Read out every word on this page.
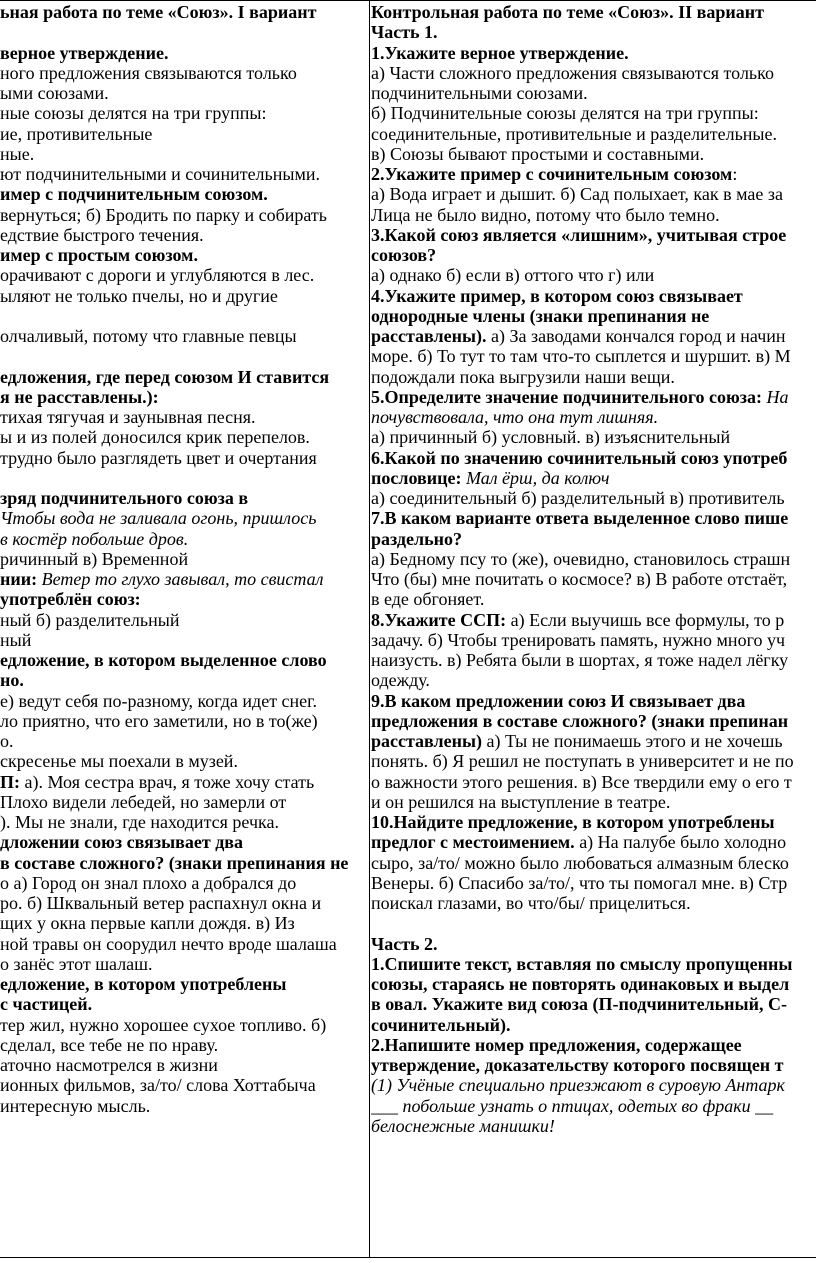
ьная работа по теме «Союз». I вариант
верное утверждение.
ного предложения связываются только
ыми союзами.
ные союзы делятся на три группы:
ие, противительные
ные.
ют подчинительными и сочинительными.
имер с подчинительным союзом.
вернуться; б) Бродить по парку и собирать
едствие быстрого течения.
имер с простым союзом.
орачивают с дороги и углубляются в лес.
ыляют не только пчелы, но и другие
олчаливый, потому что главные певцы
едложения, где перед союзом И ставится
я не расставлены.):
тихая тягучая и заунывная песня.
ы и из полей доносился крик перепелов.
трудно было разглядеть цвет и очертания
зряд подчинительного союза в
Чтобы вода не заливала огонь, пришлось
в костёр побольше дров.
ричинный в) Временной
нии: Ветер то глухо завывал, то свистал
употреблён союз:
ный б) разделительный
ный
едложение, в котором выделенное слово
но.
е) ведут себя по-разному, когда идет снег.
ло приятно, что его заметили, но в то(же)
о.
скресенье мы поехали в музей.
П: а). Моя сестра врач, я тоже хочу стать
Плохо видели лебедей, но замерли от
). Мы не знали, где находится речка.
дложении союз связывает два
в составе сложного? (знаки препинания не
о а) Город он знал плохо а добрался до
ро. б) Шквальный ветер распахнул окна и
щих у окна первые капли дождя. в) Из
ной травы он соорудил нечто вроде шалаша
о занёс этот шалаш.
едложение, в котором употреблены
с частицей.
тер жил, нужно хорошее сухое топливо. б)
сделал, все тебе не по нраву.
аточно насмотрелся в жизни
ионных фильмов, за/то/ слова Хоттабыча
интересную мысль.
Контрольная работа по теме «Союз». II вариант
Часть 1.
1.Укажите верное утверждение.
а) Части сложного предложения связываются только
подчинительными союзами.
б) Подчинительные союзы делятся на три группы:
соединительные, противительные и разделительные.
в) Союзы бывают простыми и составными.
2.Укажите пример с сочинительным союзом:
а) Вода играет и дышит. б) Сад полыхает, как в мае за
Лица не было видно, потому что было темно.
3.Какой союз является «лишним», учитывая строе
союзов?
а) однако б) если в) оттого что г) или
4.Укажите пример, в котором союз связывает
однородные члены (знаки препинания не
расставлены). а) За заводами кончался город и начин
море. б) То тут то там что-то сыплется и шуршит. в) М
подождали пока выгрузили наши вещи.
5.Определите значение подчинительного союза: На
почувствовала, что она тут лишняя.
а) причинный б) условный. в) изъяснительный
6.Какой по значению сочинительный союз употреб
пословице: Мал ёрш, да колюч
а) соединительный б) разделительный в) противитель
7.В каком варианте ответа выделенное слово пише
раздельно?
а) Бедному псу то (же), очевидно, становилось страшн
Что (бы) мне почитать о космосе? в) В работе отстаёт,
в еде обгоняет.
8.Укажите ССП: а) Если выучишь все формулы, то р
задачу. б) Чтобы тренировать память, нужно много уч
наизусть. в) Ребята были в шортах, я тоже надел лёгку
одежду.
9.В каком предложении союз И связывает два
предложения в составе сложного? (знаки препинан
расставлены) а) Ты не понимаешь этого и не хочешь
понять. б) Я решил не поступать в университет и не по
о важности этого решения. в) Все твердили ему о его т
и он решился на выступление в театре.
10.Найдите предложение, в котором употреблены
предлог с местоимением. а) На палубе было холодно
сыро, за/то/ можно было любоваться алмазным блеско
Венеры. б) Спасибо за/то/, что ты помогал мне. в) Стр
поискал глазами, во что/бы/ прицелиться.
Часть 2.
1.Спишите текст, вставляя по смыслу пропущенны
союзы, стараясь не повторять одинаковых и выдел
в овал. Укажите вид союза (П-подчинительный, С-
сочинительный).
2.Напишите номер предложения, содержащее
утверждение, доказательству которого посвящен т
(1) Учёные специально приезжают в суровую Антарк
___ побольше узнать о птицах, одетых во фраки __
белоснежные манишки!
